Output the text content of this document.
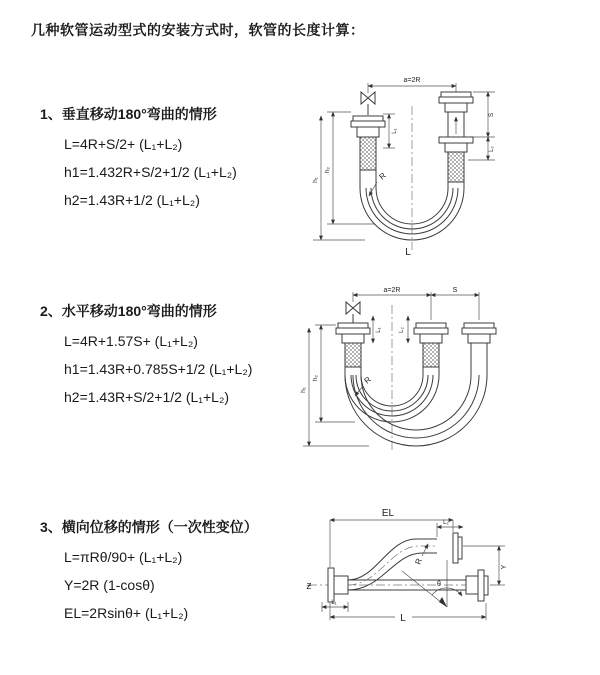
几种软管运动型式的安装方式时，软管的长度计算：
1、垂直移动180°弯曲的情形
L=4R+S/2+ (L₁+L₂)
h1=1.432R+S/2+1/2 (L₁+L₂)
h2=1.43R+1/2 (L₁+L₂)
2、水平移动180°弯曲的情形
L=4R+1.57S+ (L₁+L₂)
h1=1.43R+0.785S+1/2 (L₁+L₂)
h2=1.43R+S/2+1/2 (L₁+L₂)
3、横向位移的情形（一次性变位）
L=πRθ/90+ (L₁+L₂)
Y=2R (1-cosθ)
EL=2Rsinθ+ (L₁+L₂)
a=2R
h₁
h₂
L₁
S
L₂
R
L
a=2R	S
h₁
h₂
L₁	L₂
R
EL
L₂
L₁
L
Y
R
θ
Ƶ
